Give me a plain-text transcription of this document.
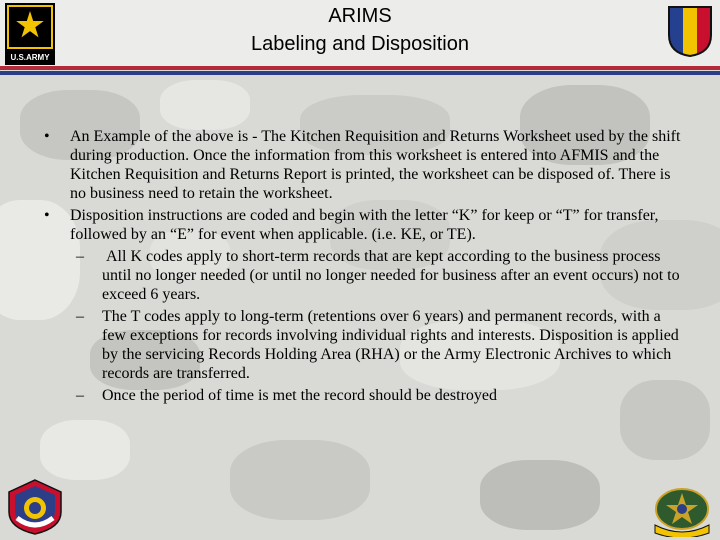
U.S.ARMY
ARIMS
Labeling and Disposition
• An Example of the above is - The Kitchen Requisition and Returns Worksheet used by the shift during production. Once the information from this worksheet is entered into AFMIS and the Kitchen Requisition and Returns Report is printed, the worksheet can be disposed of. There is no business need to retain the worksheet.
• Disposition instructions are coded and begin with the letter “K” for keep or “T” for transfer, followed by an “E” for event when applicable. (i.e. KE, or TE).
– All K codes apply to short-term records that are kept according to the business process until no longer needed (or until no longer needed for business after an event occurs) not to exceed 6 years.
– The T codes apply to long-term (retentions over 6 years) and permanent records, with a few exceptions for records involving individual rights and interests. Disposition is applied by the servicing Records Holding Area (RHA) or the Army Electronic Archives to which records are transferred.
– Once the period of time is met the record should be destroyed
